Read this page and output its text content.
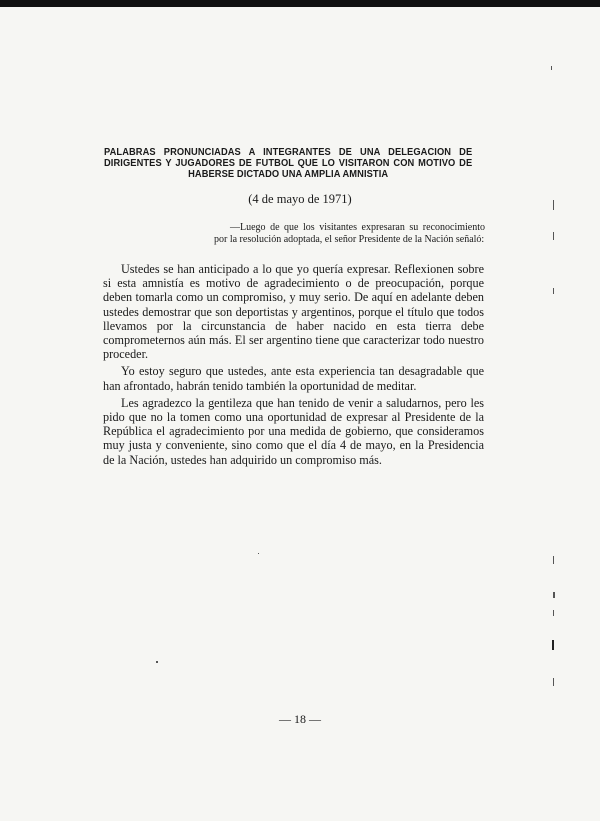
PALABRAS PRONUNCIADAS A INTEGRANTES DE UNA DELEGACION DE DIRIGENTES Y JUGADORES DE FUTBOL QUE LO VISITARON CON MOTIVO DE HABERSE DICTADO UNA AMPLIA AMNISTIA
(4 de mayo de 1971)
—Luego de que los visitantes expresaran su reconocimiento por la resolución adoptada, el señor Presidente de la Nación señaló:

Ustedes se han anticipado a lo que yo quería expresar. Reflexionen sobre si esta amnistía es motivo de agradecimiento o de preocupación, porque deben tomarla como un compromiso, y muy serio. De aquí en adelante deben ustedes demostrar que son deportistas y argentinos, porque el título que todos llevamos por la circunstancia de haber nacido en esta tierra debe comprometernos aún más. El ser argentino tiene que caracterizar todo nuestro proceder.

Yo estoy seguro que ustedes, ante esta experiencia tan desagradable que han afrontado, habrán tenido también la oportunidad de meditar.

Les agradezco la gentileza que han tenido de venir a saludarnos, pero les pido que no la tomen como una oportunidad de expresar al Presidente de la República el agradecimiento por una medida de gobierno, que consideramos muy justa y conveniente, sino como que el día 4 de mayo, en la Presidencia de la Nación, ustedes han adquirido un compromiso más.

— 18 —
